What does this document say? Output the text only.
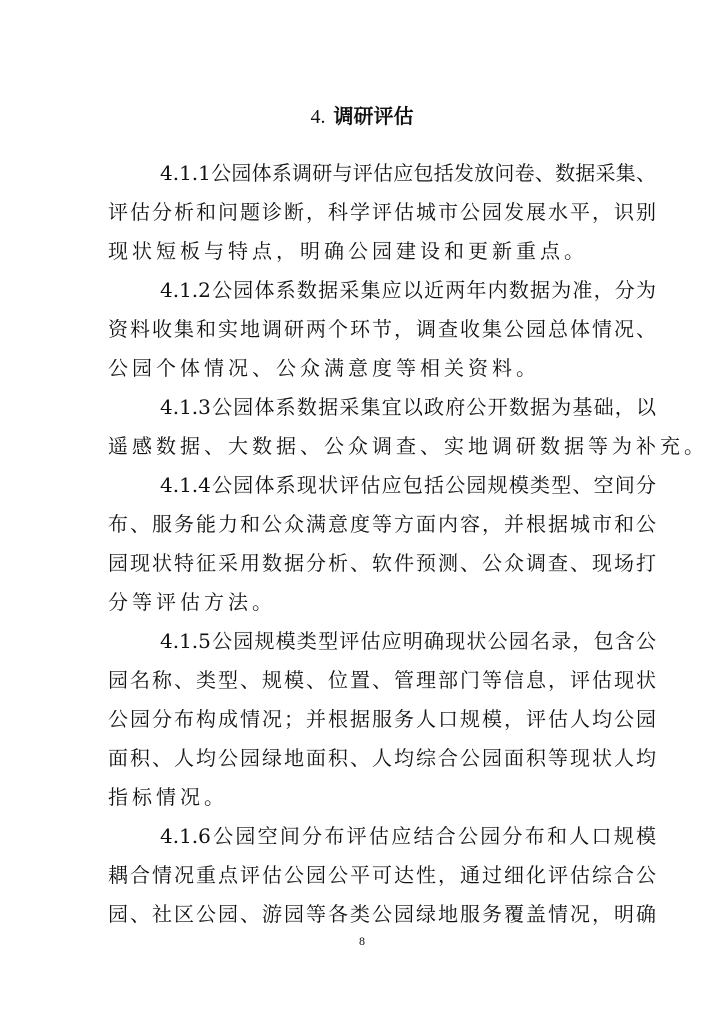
4. 调研评估
4.1.1公园体系调研与评估应包括发放问卷、数据采集、
评估分析和问题诊断，科学评估城市公园发展水平，识别
现状短板与特点，明确公园建设和更新重点。
4.1.2公园体系数据采集应以近两年内数据为准，分为
资料收集和实地调研两个环节，调查收集公园总体情况、
公园个体情况、公众满意度等相关资料。
4.1.3公园体系数据采集宜以政府公开数据为基础，以
遥感数据、大数据、公众调查、实地调研数据等为补充。
4.1.4公园体系现状评估应包括公园规模类型、空间分
布、服务能力和公众满意度等方面内容，并根据城市和公
园现状特征采用数据分析、软件预测、公众调查、现场打
分等评估方法。
4.1.5公园规模类型评估应明确现状公园名录，包含公
园名称、类型、规模、位置、管理部门等信息，评估现状
公园分布构成情况；并根据服务人口规模，评估人均公园
面积、人均公园绿地面积、人均综合公园面积等现状人均
指标情况。
4.1.6公园空间分布评估应结合公园分布和人口规模
耦合情况重点评估公园公平可达性，通过细化评估综合公
园、社区公园、游园等各类公园绿地服务覆盖情况，明确
8
